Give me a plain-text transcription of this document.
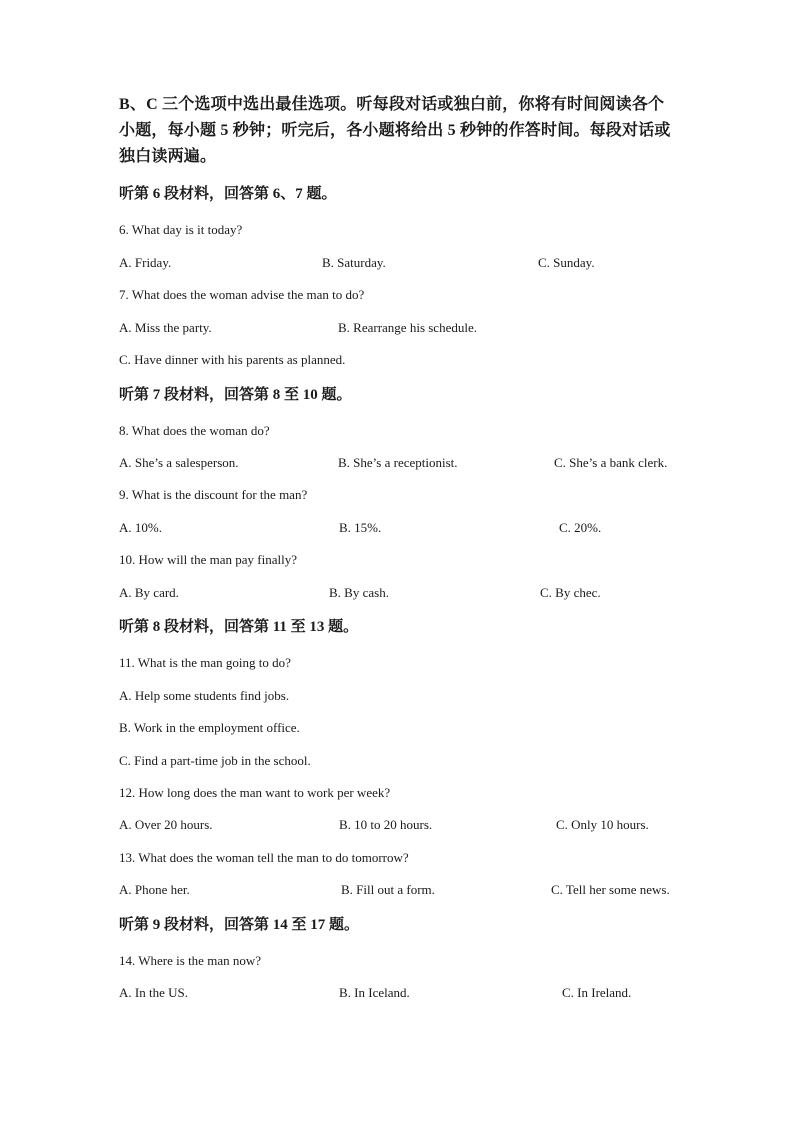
B、C 三个选项中选出最佳选项。听每段对话或独白前，你将有时间阅读各个
小题，每小题 5 秒钟；听完后，各小题将给出 5 秒钟的作答时间。每段对话或
独白读两遍。
听第 6 段材料，回答第 6、7 题。
6. What day is it today?
A. Friday.	B. Saturday.	C. Sunday.
7. What does the woman advise the man to do?
A. Miss the party.	B. Rearrange his schedule.
C. Have dinner with his parents as planned.
听第 7 段材料，回答第 8 至 10 题。
8. What does the woman do?
A. She’s a salesperson.	B. She’s a receptionist.	C. She’s a bank clerk.
9. What is the discount for the man?
A. 10%.	B. 15%.	C. 20%.
10. How will the man pay finally?
A. By card.	B. By cash.	C. By chec.
听第 8 段材料，回答第 11 至 13 题。
11. What is the man going to do?
A. Help some students find jobs.
B. Work in the employment office.
C. Find a part-time job in the school.
12. How long does the man want to work per week?
A. Over 20 hours.	B. 10 to 20 hours.	C. Only 10 hours.
13. What does the woman tell the man to do tomorrow?
A. Phone her.	B. Fill out a form.	C. Tell her some news.
听第 9 段材料，回答第 14 至 17 题。
14. Where is the man now?
A. In the US.	B. In Iceland.	C. In Ireland.
